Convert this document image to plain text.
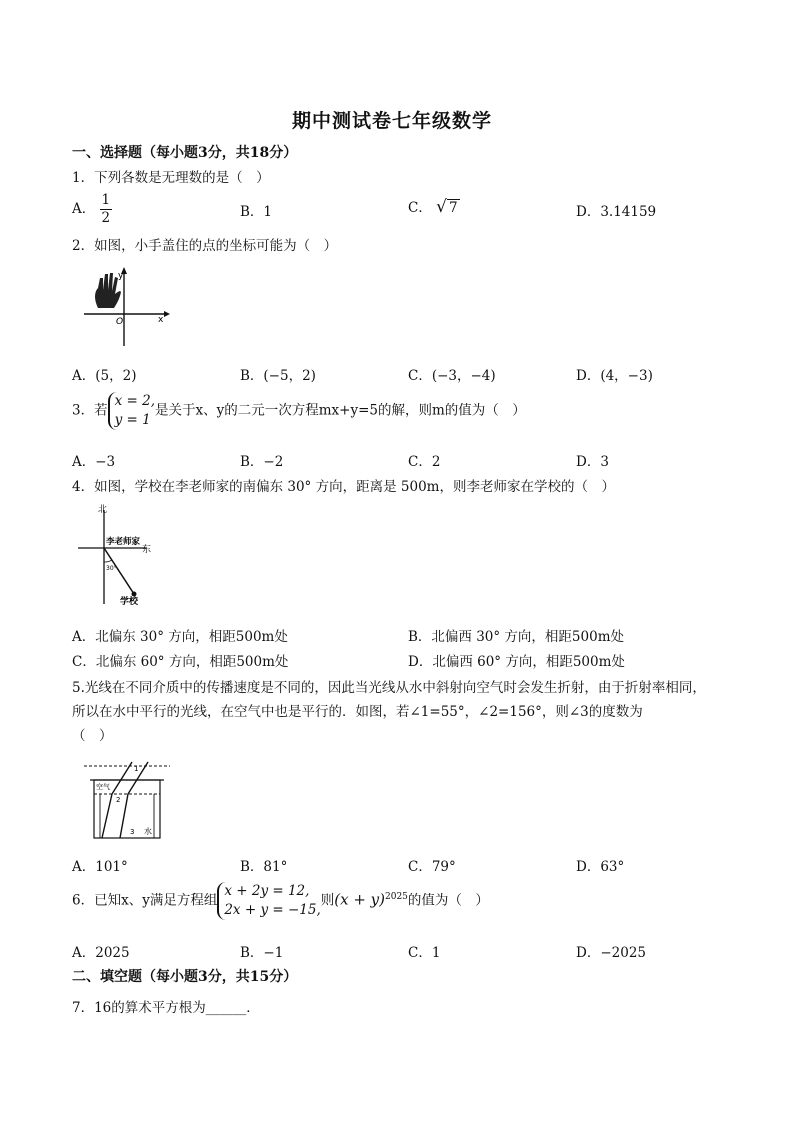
期中测试卷七年级数学
一、选择题（每小题3分，共18分）
1．下列各数是无理数的是（　）
A． $\frac{1}{2}$	B．1	C． √ 7	D．3.14159
2．如图，小手盖住的点的坐标可能为（　）
y
O	x
A．(5，2)	B．(−5，2)	C．(−3，−4)	D．(4，−3)
3．若
x = 2,
y = 1
是关于x、y的二元一次方程mx+y=5的解，则m的值为（　）
A．−3	B．−2	C．2	D．3
4．如图，学校在李老师家的南偏东 30° 方向，距离是 500m，则李老师家在学校的（　）
北
李老师家
东
30°
学校
A．北偏东 30° 方向，相距500m处	B．北偏西 30° 方向，相距500m处
C．北偏东 60° 方向，相距500m处	D．北偏西 60° 方向，相距500m处
5.光线在不同介质中的传播速度是不同的，因此当光线从水中斜射向空气时会发生折射，由于折射率相同，
所以在水中平行的光线，在空气中也是平行的．如图，若∠1=55°，∠2=156°，则∠3的度数为
（　）
空气
水
1
2
3
A．101°	B．81°	C．79°	D．63°
6．已知x、y满足方程组
x + 2y = 12,
2x + y = −15,
则$(x + y)^{2025}$的值为（　）
A．2025	B．−1	C．1	D．−2025
二、填空题（每小题3分，共15分）
7．16的算术平方根为______．
